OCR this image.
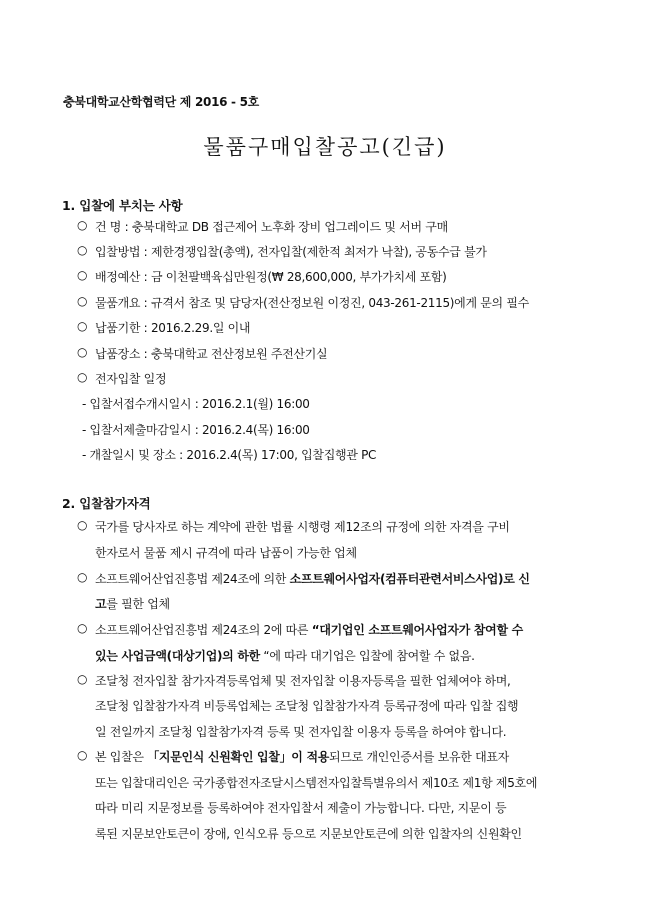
충북대학교산학협력단 제 2016 - 5호
물품구매입찰공고(긴급)
1. 입찰에 부치는 사항
○ 건 명 : 충북대학교 DB 접근제어 노후화 장비 업그레이드 및 서버 구매
○ 입찰방법 : 제한경쟁입찰(총액), 전자입찰(제한적 최저가 낙찰), 공동수급 불가
○ 배정예산 : 금 이천팔백육십만원정(₩ 28,600,000, 부가가치세 포함)
○ 물품개요 : 규격서 참조 및 담당자(전산정보원 이정진, 043-261-2115)에게 문의 필수
○ 납품기한 : 2016.2.29.일 이내
○ 납품장소 : 충북대학교 전산정보원 주전산기실
○ 전자입찰 일정
- 입찰서접수개시일시 : 2016.2.1(월) 16:00
- 입찰서제출마감일시 : 2016.2.4(목) 16:00
- 개찰일시 및 장소 : 2016.2.4(목) 17:00, 입찰집행관 PC
2. 입찰참가자격
○ 국가를 당사자로 하는 계약에 관한 법률 시행령 제12조의 규정에 의한 자격을 구비
한자로서 물품 제시 규격에 따라 납품이 가능한 업체
○ 소프트웨어산업진흥법 제24조에 의한 소프트웨어사업자(컴퓨터관련서비스사업)로 신
고를 필한 업체
○ 소프트웨어산업진흥법 제24조의 2에 따른 “대기업인 소프트웨어사업자가 참여할 수
있는 사업금액(대상기업)의 하한 “에 따라 대기업은 입찰에 참여할 수 없음.
○ 조달청 전자입찰 참가자격등록업체 및 전자입찰 이용자등록을 필한 업체여야 하며,
조달청 입찰참가자격 비등록업체는 조달청 입찰참가자격 등록규정에 따라 입찰 집행
일 전일까지 조달청 입찰참가자격 등록 및 전자입찰 이용자 등록을 하여야 합니다.
○ 본 입찰은 「지문인식 신원확인 입찰」이 적용되므로 개인인증서를 보유한 대표자
또는 입찰대리인은 국가종합전자조달시스템전자입찰특별유의서 제10조 제1항 제5호에
따라 미리 지문정보를 등록하여야 전자입찰서 제출이 가능합니다. 다만, 지문이 등
록된 지문보안토큰이 장애, 인식오류 등으로 지문보안토큰에 의한 입찰자의 신원확인
